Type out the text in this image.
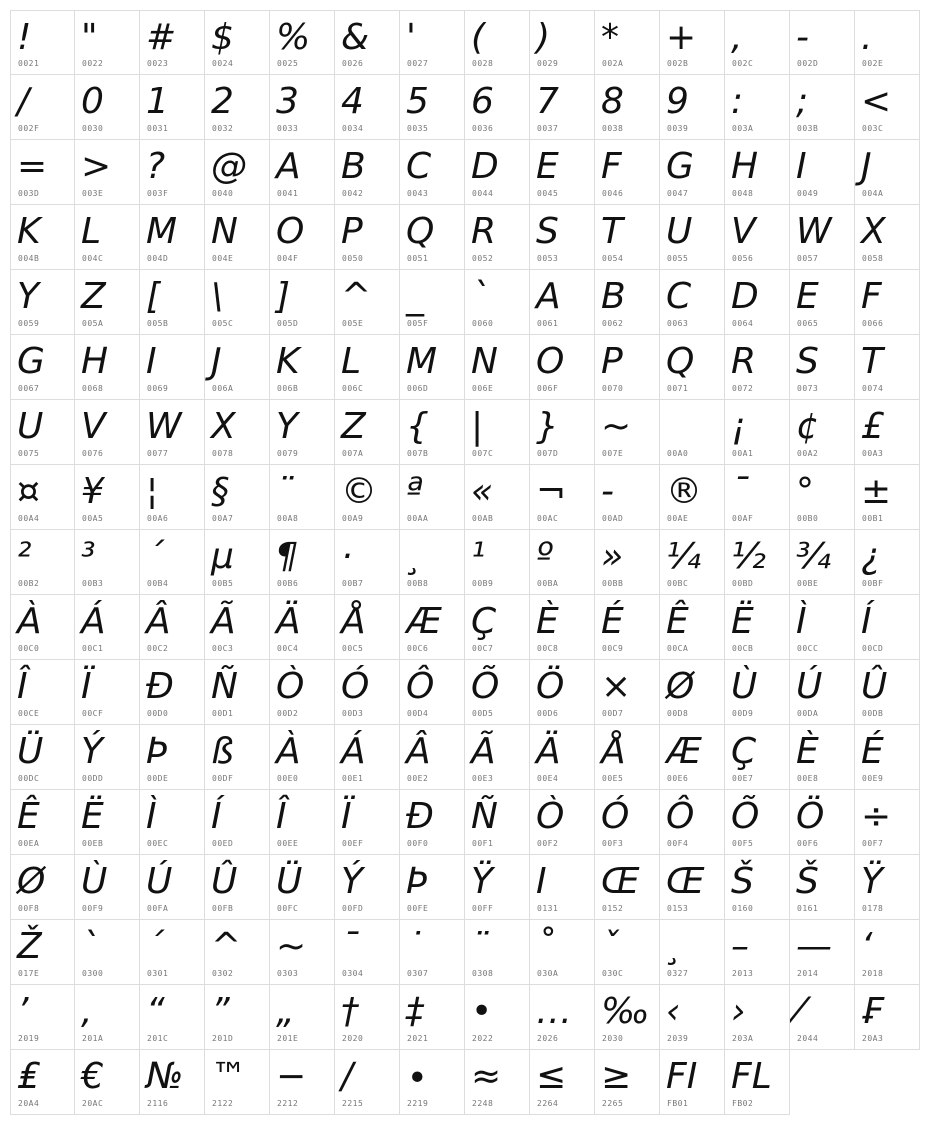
!
0021
"
0022
#
0023
$
0024
%
0025
&
0026
'
0027
(
0028
)
0029
*
002A
+
002B
,
002C
-
002D
.
002E
/
002F
0
0030
1
0031
2
0032
3
0033
4
0034
5
0035
6
0036
7
0037
8
0038
9
0039
:
003A
;
003B
<
003C
=
003D
>
003E
?
003F
@
0040
A
0041
B
0042
C
0043
D
0044
E
0045
F
0046
G
0047
H
0048
I
0049
J
004A
K
004B
L
004C
M
004D
N
004E
O
004F
P
0050
Q
0051
R
0052
S
0053
T
0054
U
0055
V
0056
W
0057
X
0058
Y
0059
Z
005A
[
005B
\
005C
]
005D
^
005E
_
005F
`
0060
A
0061
B
0062
C
0063
D
0064
E
0065
F
0066
G
0067
H
0068
I
0069
J
006A
K
006B
L
006C
M
006D
N
006E
O
006F
P
0070
Q
0071
R
0072
S
0073
T
0074
U
0075
V
0076
W
0077
X
0078
Y
0079
Z
007A
{
007B
|
007C
}
007D
~
007E	00A0
¡
00A1
¢
00A2
£
00A3
¤
00A4
¥
00A5
¦
00A6
§
00A7
¨
00A8
©
00A9
ª
00AA
«
00AB
¬
00AC
-
00AD
®
00AE
¯
00AF
°
00B0
±
00B1
²
00B2
³
00B3
´
00B4
µ
00B5
¶
00B6
·
00B7
¸
00B8
¹
00B9
º
00BA
»
00BB
¼
00BC
½
00BD
¾
00BE
¿
00BF
À
00C0
Á
00C1
Â
00C2
Ã
00C3
Ä
00C4
Å
00C5
Æ
00C6
Ç
00C7
È
00C8
É
00C9
Ê
00CA
Ë
00CB
Ì
00CC
Í
00CD
Î
00CE
Ï
00CF
Ð
00D0
Ñ
00D1
Ò
00D2
Ó
00D3
Ô
00D4
Õ
00D5
Ö
00D6
×
00D7
Ø
00D8
Ù
00D9
Ú
00DA
Û
00DB
Ü
00DC
Ý
00DD
Þ
00DE
ß
00DF
À
00E0
Á
00E1
Â
00E2
Ã
00E3
Ä
00E4
Å
00E5
Æ
00E6
Ç
00E7
È
00E8
É
00E9
Ê
00EA
Ë
00EB
Ì
00EC
Í
00ED
Î
00EE
Ï
00EF
Ð
00F0
Ñ
00F1
Ò
00F2
Ó
00F3
Ô
00F4
Õ
00F5
Ö
00F6
÷
00F7
Ø
00F8
Ù
00F9
Ú
00FA
Û
00FB
Ü
00FC
Ý
00FD
Þ
00FE
Ÿ
00FF
I
0131
Œ
0152
Œ
0153
Š
0160
Š
0161
Ÿ
0178
Ž
017E
`
0300
´
0301
^
0302
~
0303
¯
0304
˙
0307
¨
0308
˚
030A
ˇ
030C
¸
0327
–
2013
—
2014
‘
2018
’
2019
‚
201A
“
201C
”
201D
„
201E
†
2020
‡
2021
•
2022
…
2026
‰
2030
‹
2039
›
203A
⁄
2044
₣
20A3
₤
20A4
€
20AC
№
2116
™
2122
−
2212
∕
2215
∙
2219
≈
2248
≤
2264
≥
2265
FI
FB01
FL
FB02
